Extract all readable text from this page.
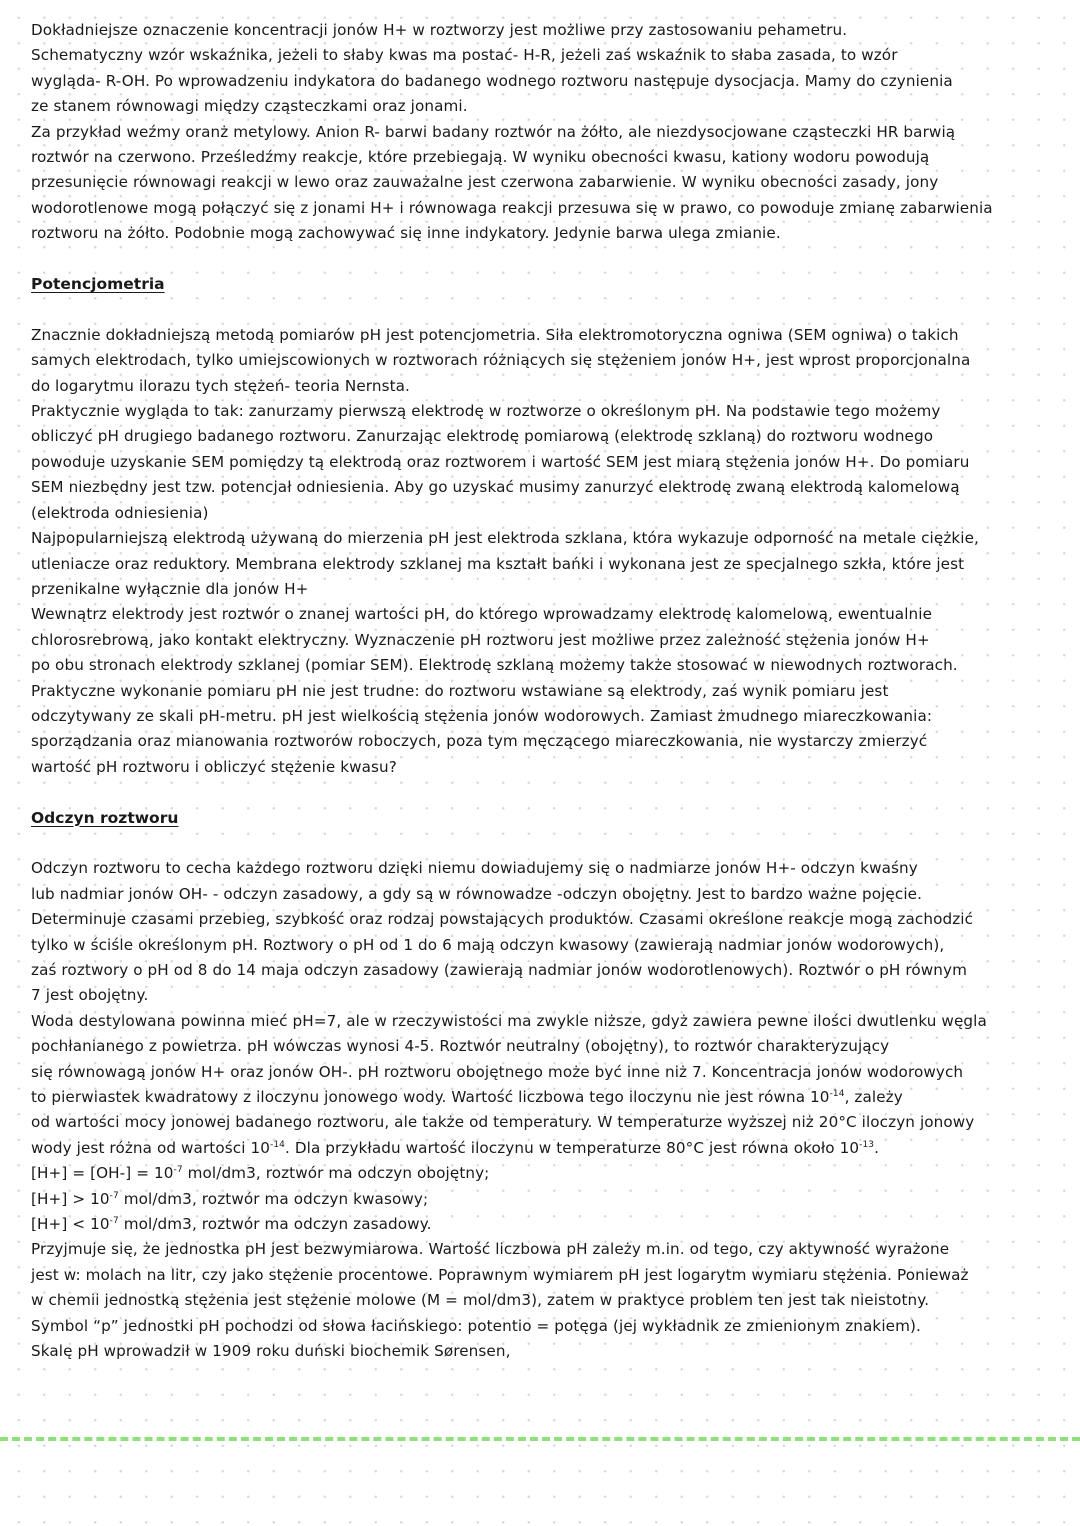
Dokładniejsze oznaczenie koncentracji jonów H+ w roztworzy jest możliwe przy zastosowaniu pehametru.
Schematyczny wzór wskaźnika, jeżeli to słaby kwas ma postać- H-R, jeżeli zaś wskaźnik to słaba zasada, to wzór
wygląda- R-OH. Po wprowadzeniu indykatora do badanego wodnego roztworu następuje dysocjacja. Mamy do czynienia
ze stanem równowagi między cząsteczkami oraz jonami.
Za przykład weźmy oranż metylowy. Anion R- barwi badany roztwór na żółto, ale niezdysocjowane cząsteczki HR barwią
roztwór na czerwono. Prześledźmy reakcje, które przebiegają. W wyniku obecności kwasu, kationy wodoru powodują
przesunięcie równowagi reakcji w lewo oraz zauważalne jest czerwona zabarwienie. W wyniku obecności zasady, jony
wodorotlenowe mogą połączyć się z jonami H+ i równowaga reakcji przesuwa się w prawo, co powoduje zmianę zabarwienia
roztworu na żółto. Podobnie mogą zachowywać się inne indykatory. Jedynie barwa ulega zmianie.
Potencjometria
Znacznie dokładniejszą metodą pomiarów pH jest potencjometria. Siła elektromotoryczna ogniwa (SEM ogniwa) o takich
samych elektrodach, tylko umiejscowionych w roztworach różniących się stężeniem jonów H+, jest wprost proporcjonalna
do logarytmu ilorazu tych stężeń- teoria Nernsta.
Praktycznie wygląda to tak: zanurzamy pierwszą elektrodę w roztworze o określonym pH. Na podstawie tego możemy
obliczyć pH drugiego badanego roztworu. Zanurzając elektrodę pomiarową (elektrodę szklaną) do roztworu wodnego
powoduje uzyskanie SEM pomiędzy tą elektrodą oraz roztworem i wartość SEM jest miarą stężenia jonów H+. Do pomiaru
SEM niezbędny jest tzw. potencjał odniesienia. Aby go uzyskać musimy zanurzyć elektrodę zwaną elektrodą kalomelową
(elektroda odniesienia)
Najpopularniejszą elektrodą używaną do mierzenia pH jest elektroda szklana, która wykazuje odporność na metale ciężkie,
utleniacze oraz reduktory. Membrana elektrody szklanej ma kształt bańki i wykonana jest ze specjalnego szkła, które jest
przenikalne wyłącznie dla jonów H+
Wewnątrz elektrody jest roztwór o znanej wartości pH, do którego wprowadzamy elektrodę kalomelową, ewentualnie
chlorosrebrową, jako kontakt elektryczny. Wyznaczenie pH roztworu jest możliwe przez zależność stężenia jonów H+
po obu stronach elektrody szklanej (pomiar SEM). Elektrodę szklaną możemy także stosować w niewodnych roztworach.
Praktyczne wykonanie pomiaru pH nie jest trudne: do roztworu wstawiane są elektrody, zaś wynik pomiaru jest
odczytywany ze skali pH-metru. pH jest wielkością stężenia jonów wodorowych. Zamiast żmudnego miareczkowania:
sporządzania oraz mianowania roztworów roboczych, poza tym męczącego miareczkowania, nie wystarczy zmierzyć
wartość pH roztworu i obliczyć stężenie kwasu?
Odczyn roztworu
Odczyn roztworu to cecha każdego roztworu dzięki niemu dowiadujemy się o nadmiarze jonów H+- odczyn kwaśny
lub nadmiar jonów OH- - odczyn zasadowy, a gdy są w równowadze -odczyn obojętny. Jest to bardzo ważne pojęcie.
Determinuje czasami przebieg, szybkość oraz rodzaj powstających produktów. Czasami określone reakcje mogą zachodzić
tylko w ściśle określonym pH. Roztwory o pH od 1 do 6 mają odczyn kwasowy (zawierają nadmiar jonów wodorowych),
zaś roztwory o pH od 8 do 14 maja odczyn zasadowy (zawierają nadmiar jonów wodorotlenowych). Roztwór o pH równym
7 jest obojętny.
Woda destylowana powinna mieć pH=7, ale w rzeczywistości ma zwykle niższe, gdyż zawiera pewne ilości dwutlenku węgla
pochłanianego z powietrza. pH wówczas wynosi 4-5. Roztwór neutralny (obojętny), to roztwór charakteryzujący
się równowagą jonów H+ oraz jonów OH-. pH roztworu obojętnego może być inne niż 7. Koncentracja jonów wodorowych
to pierwiastek kwadratowy z iloczynu jonowego wody. Wartość liczbowa tego iloczynu nie jest równa $10^{-14}$, zależy
od wartości mocy jonowej badanego roztworu, ale także od temperatury. W temperaturze wyższej niż 20°C iloczyn jonowy
wody jest różna od wartości $10^{-14}$. Dla przykładu wartość iloczynu w temperaturze 80°C jest równa około $10^{-13}$.
$[H+] = [OH-] = 10^{-7}$ mol/dm3, roztwór ma odczyn obojętny;
$[H+] > 10^{-7}$ mol/dm3, roztwór ma odczyn kwasowy;
$[H+] < 10^{-7}$ mol/dm3, roztwór ma odczyn zasadowy.
Przyjmuje się, że jednostka pH jest bezwymiarowa. Wartość liczbowa pH zależy m.in. od tego, czy aktywność wyrażone
jest w: molach na litr, czy jako stężenie procentowe. Poprawnym wymiarem pH jest logarytm wymiaru stężenia. Ponieważ
w chemii jednostką stężenia jest stężenie molowe (M = mol/dm3), zatem w praktyce problem ten jest tak nieistotny.
Symbol “p” jednostki pH pochodzi od słowa łacińskiego: potentio = potęga (jej wykładnik ze zmienionym znakiem).
Skalę pH wprowadził w 1909 roku duński biochemik Sørensen,
